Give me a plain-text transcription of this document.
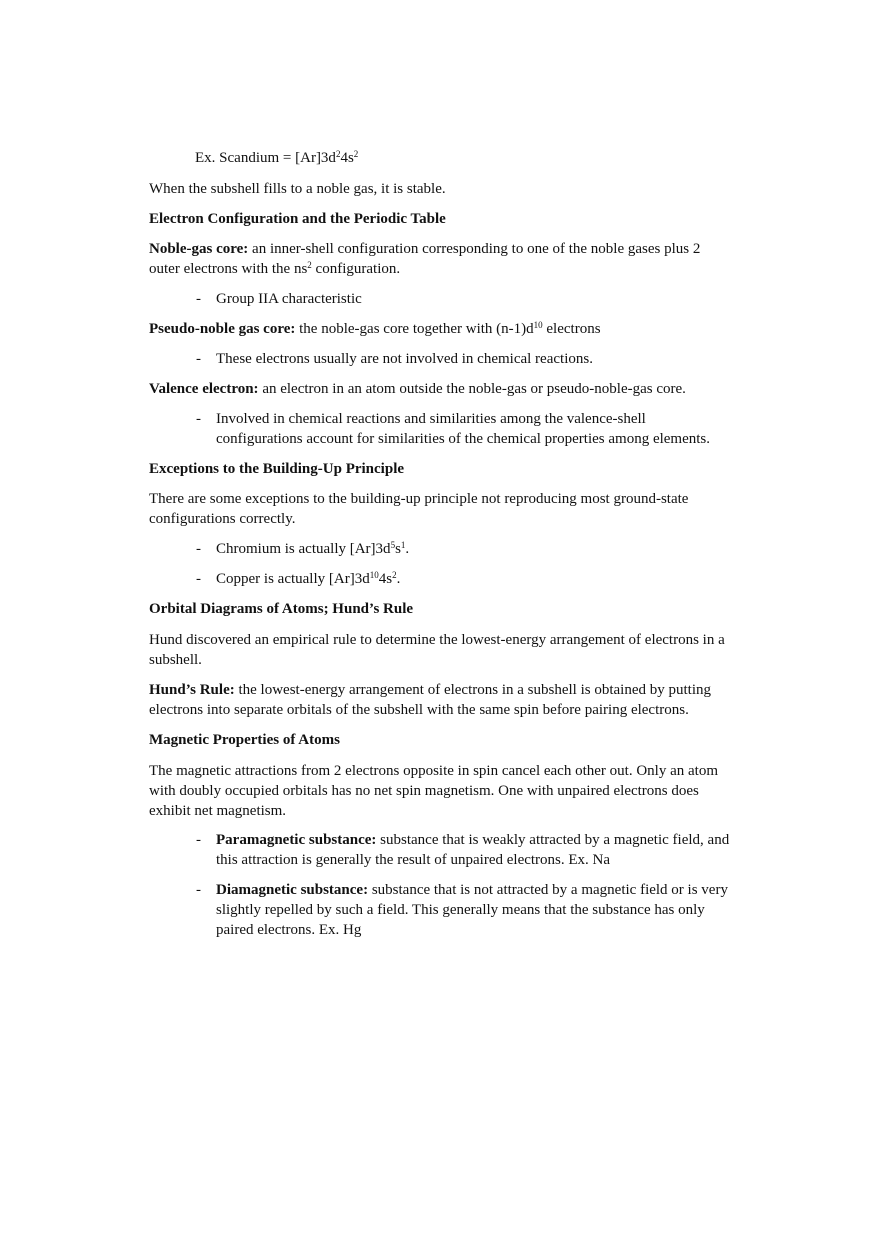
Ex. Scandium = $[Ar]3d^24s^2$
When the subshell fills to a noble gas, it is stable.
Electron Configuration and the Periodic Table
Noble-gas core: an inner-shell configuration corresponding to one of the noble gases plus 2
outer electrons with the $ns^2$ configuration.
- Group IIA characteristic
Pseudo-noble gas core: the noble-gas core together with $(n-1)d^{10}$ electrons
- These electrons usually are not involved in chemical reactions.
Valence electron: an electron in an atom outside the noble-gas or pseudo-noble-gas core.
- Involved in chemical reactions and similarities among the valence-shell
configurations account for similarities of the chemical properties among elements.
Exceptions to the Building-Up Principle
There are some exceptions to the building-up principle not reproducing most ground-state
configurations correctly.
- Chromium is actually $[Ar]3d^5s^1$.
- Copper is actually $[Ar]3d^{10}4s^2$.
Orbital Diagrams of Atoms; Hund’s Rule
Hund discovered an empirical rule to determine the lowest-energy arrangement of electrons in a
subshell.
Hund’s Rule: the lowest-energy arrangement of electrons in a subshell is obtained by putting
electrons into separate orbitals of the subshell with the same spin before pairing electrons.
Magnetic Properties of Atoms
The magnetic attractions from 2 electrons opposite in spin cancel each other out. Only an atom
with doubly occupied orbitals has no net spin magnetism. One with unpaired electrons does
exhibit net magnetism.
- Paramagnetic substance: substance that is weakly attracted by a magnetic field, and
this attraction is generally the result of unpaired electrons. Ex. Na
- Diamagnetic substance: substance that is not attracted by a magnetic field or is very
slightly repelled by such a field. This generally means that the substance has only
paired electrons. Ex. Hg
